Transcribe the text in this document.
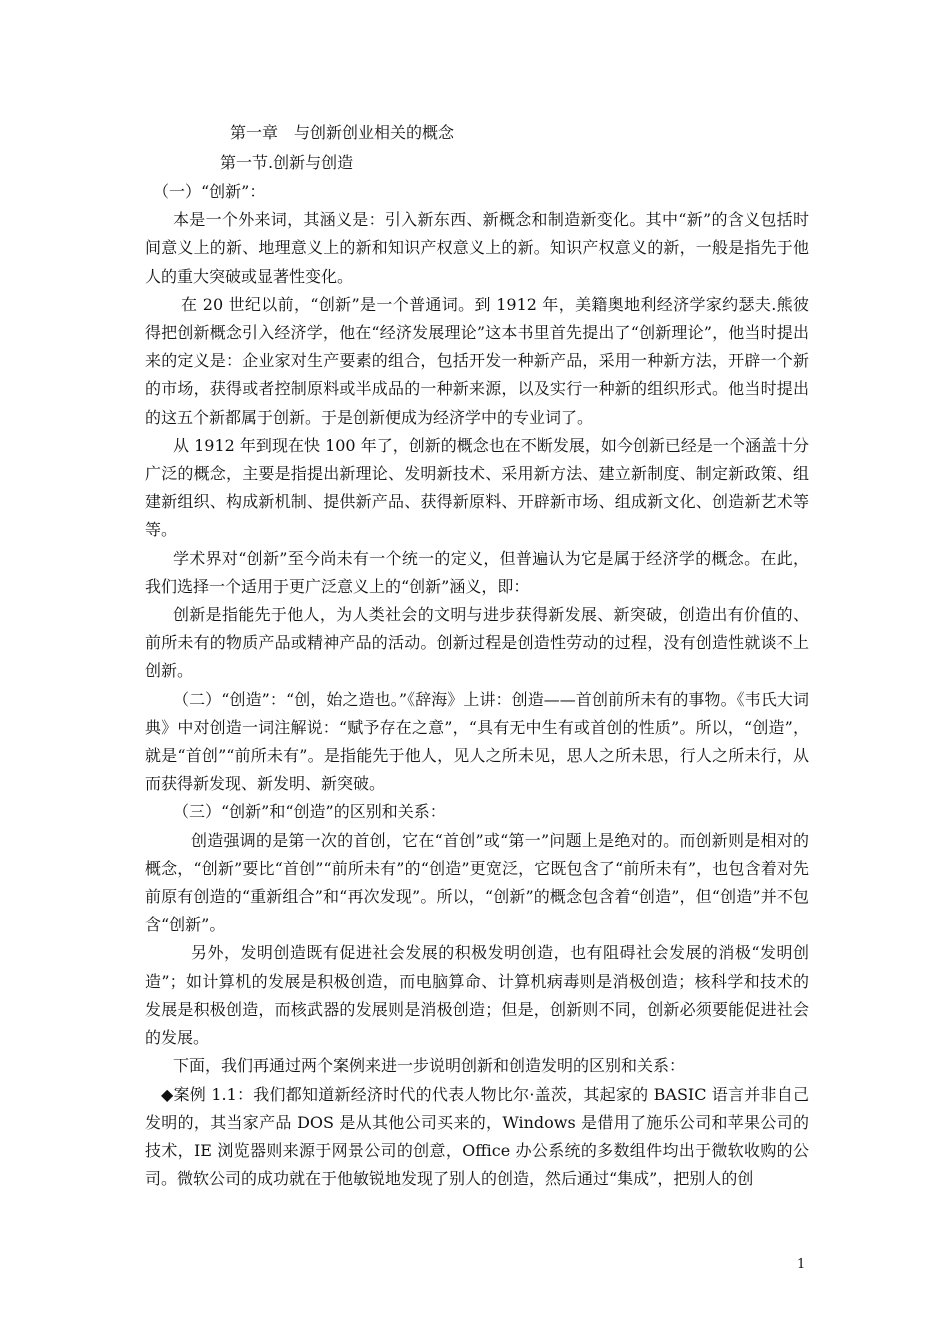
第一章　与创新创业相关的概念
第一节.创新与创造

（一）“创新”：

本是一个外来词，其涵义是：引入新东西、新概念和制造新变化。其中“新”的含义包括时间意义上的新、地理意义上的新和知识产权意义上的新。知识产权意义的新，一般是指先于他人的重大突破或显著性变化。

在 20 世纪以前，“创新”是一个普通词。到 1912 年，美籍奥地利经济学家约瑟夫.熊彼得把创新概念引入经济学，他在“经济发展理论”这本书里首先提出了“创新理论”，他当时提出来的定义是：企业家对生产要素的组合，包括开发一种新产品，采用一种新方法，开辟一个新的市场，获得或者控制原料或半成品的一种新来源，以及实行一种新的组织形式。他当时提出的这五个新都属于创新。于是创新便成为经济学中的专业词了。

从 1912 年到现在快 100 年了，创新的概念也在不断发展，如今创新已经是一个涵盖十分广泛的概念，主要是指提出新理论、发明新技术、采用新方法、建立新制度、制定新政策、组建新组织、构成新机制、提供新产品、获得新原料、开辟新市场、组成新文化、创造新艺术等等。

学术界对“创新”至今尚未有一个统一的定义，但普遍认为它是属于经济学的概念。在此，我们选择一个适用于更广泛意义上的“创新”涵义，即：

创新是指能先于他人，为人类社会的文明与进步获得新发展、新突破，创造出有价值的、前所未有的物质产品或精神产品的活动。创新过程是创造性劳动的过程，没有创造性就谈不上创新。

（二）“创造”：“创，始之造也。”《辞海》上讲：创造——首创前所未有的事物。《韦氏大词典》中对创造一词注解说：“赋予存在之意”，“具有无中生有或首创的性质”。所以，“创造”，就是“首创”“前所未有”。是指能先于他人，见人之所未见，思人之所未思，行人之所未行，从而获得新发现、新发明、新突破。

（三）“创新”和“创造”的区别和关系：

创造强调的是第一次的首创，它在“首创”或“第一”问题上是绝对的。而创新则是相对的概念，“创新”要比“首创”“前所未有”的“创造”更宽泛，它既包含了“前所未有”，也包含着对先前原有创造的“重新组合”和“再次发现”。所以，“创新”的概念包含着“创造”，但“创造”并不包含“创新”。

另外，发明创造既有促进社会发展的积极发明创造，也有阻碍社会发展的消极“发明创造”；如计算机的发展是积极创造，而电脑算命、计算机病毒则是消极创造；核科学和技术的发展是积极创造，而核武器的发展则是消极创造；但是，创新则不同，创新必须要能促进社会的发展。

下面，我们再通过两个案例来进一步说明创新和创造发明的区别和关系：

◆案例 1.1：我们都知道新经济时代的代表人物比尔·盖茨，其起家的 BASIC 语言并非自己发明的，其当家产品 DOS 是从其他公司买来的，Windows 是借用了施乐公司和苹果公司的技术，IE 浏览器则来源于网景公司的创意，Office 办公系统的多数组件均出于微软收购的公司。微软公司的成功就在于他敏锐地发现了别人的创造，然后通过“集成”，把别人的创

1
